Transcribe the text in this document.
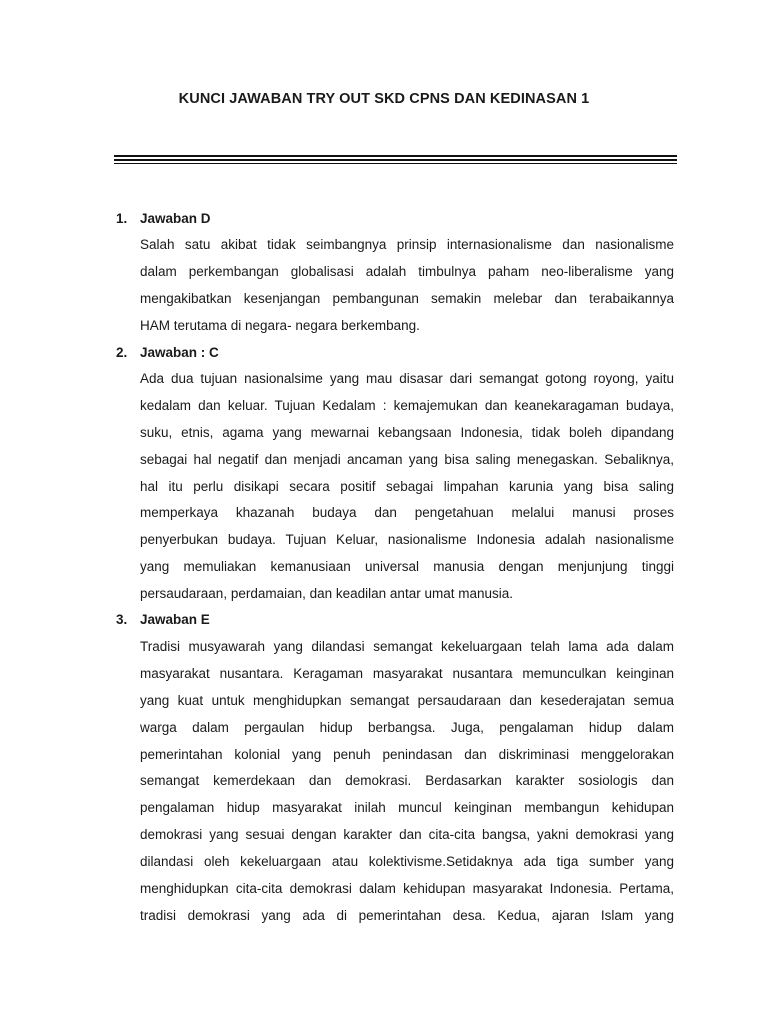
KUNCI JAWABAN TRY OUT SKD CPNS DAN KEDINASAN 1
1. Jawaban D
Salah satu akibat tidak seimbangnya prinsip internasionalisme dan nasionalisme
dalam perkembangan globalisasi adalah timbulnya paham neo-liberalisme yang
mengakibatkan kesenjangan pembangunan semakin melebar dan terabaikannya
HAM terutama di negara- negara berkembang.
2. Jawaban : C
Ada dua tujuan nasionalsime yang mau disasar dari semangat gotong royong, yaitu
kedalam dan keluar. Tujuan Kedalam : kemajemukan dan keanekaragaman budaya,
suku, etnis, agama yang mewarnai kebangsaan Indonesia, tidak boleh dipandang
sebagai hal negatif dan menjadi ancaman yang bisa saling menegaskan. Sebaliknya,
hal itu perlu disikapi secara positif sebagai limpahan karunia yang bisa saling
memperkaya khazanah budaya dan pengetahuan melalui manusi proses
penyerbukan budaya. Tujuan Keluar, nasionalisme Indonesia adalah nasionalisme
yang memuliakan kemanusiaan universal manusia dengan menjunjung tinggi
persaudaraan, perdamaian, dan keadilan antar umat manusia.
3. Jawaban E
Tradisi musyawarah yang dilandasi semangat kekeluargaan telah lama ada dalam
masyarakat nusantara. Keragaman masyarakat nusantara memunculkan keinginan
yang kuat untuk menghidupkan semangat persaudaraan dan kesederajatan semua
warga dalam pergaulan hidup berbangsa. Juga, pengalaman hidup dalam
pemerintahan kolonial yang penuh penindasan dan diskriminasi menggelorakan
semangat kemerdekaan dan demokrasi. Berdasarkan karakter sosiologis dan
pengalaman hidup masyarakat inilah muncul keinginan membangun kehidupan
demokrasi yang sesuai dengan karakter dan cita-cita bangsa, yakni demokrasi yang
dilandasi oleh kekeluargaan atau kolektivisme.Setidaknya ada tiga sumber yang
menghidupkan cita-cita demokrasi dalam kehidupan masyarakat Indonesia. Pertama,
tradisi demokrasi yang ada di pemerintahan desa. Kedua, ajaran Islam yang
